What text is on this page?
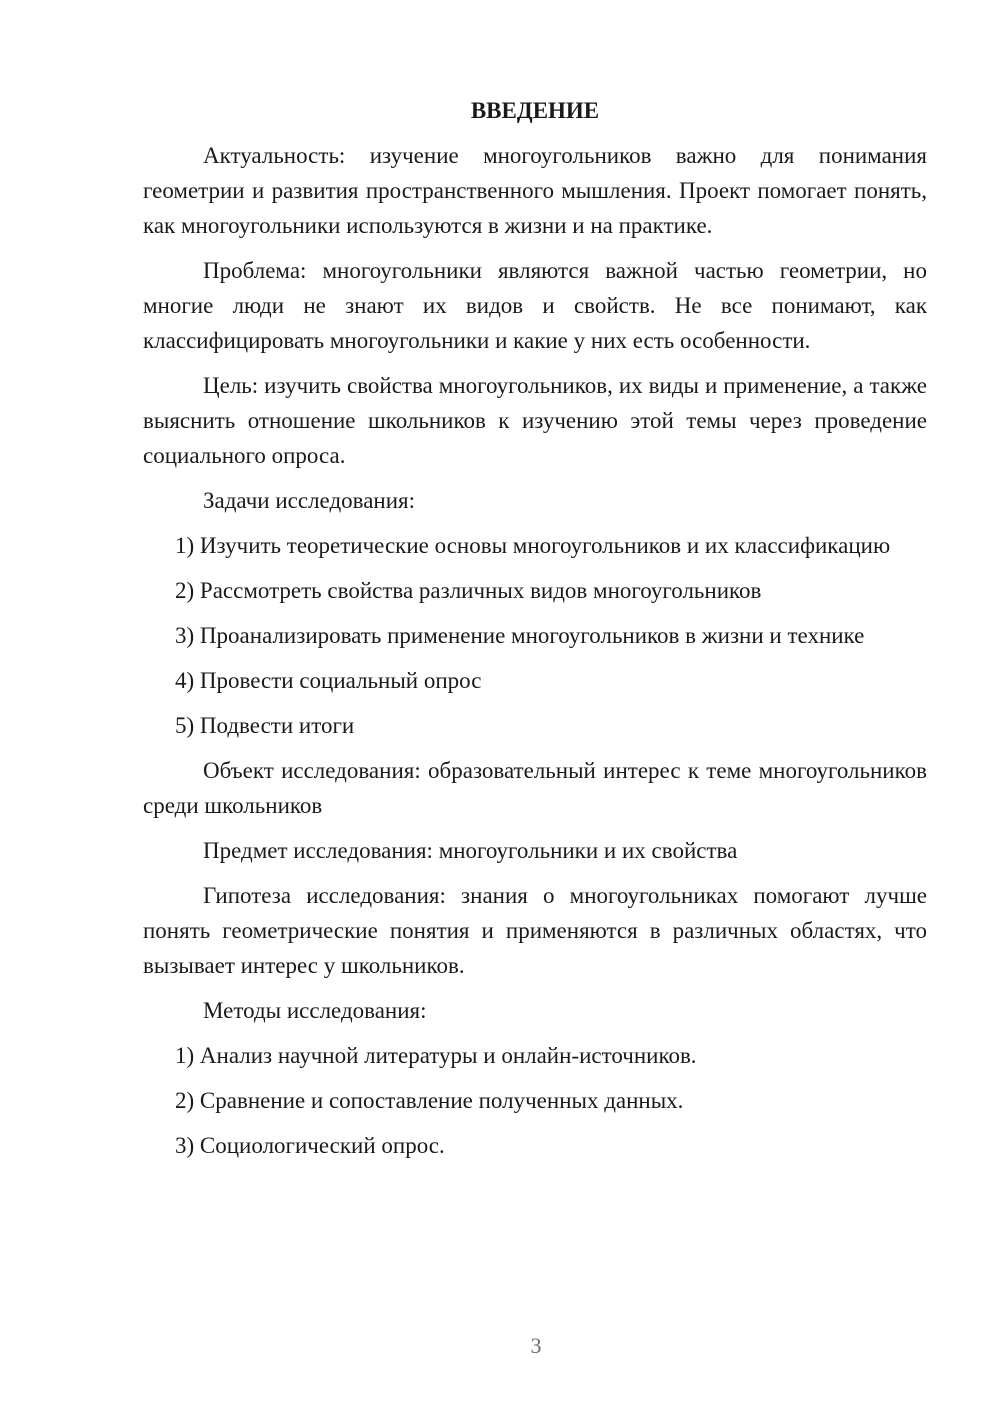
ВВЕДЕНИЕ

Актуальность: изучение многоугольников важно для понимания геометрии и развития пространственного мышления. Проект помогает понять, как многоугольники используются в жизни и на практике.

Проблема: многоугольники являются важной частью геометрии, но многие люди не знают их видов и свойств. Не все понимают, как классифицировать многоугольники и какие у них есть особенности.

Цель: изучить свойства многоугольников, их виды и применение, а также выяснить отношение школьников к изучению этой темы через проведение социального опроса.

Задачи исследования:

1) Изучить теоретические основы многоугольников и их классификацию

2) Рассмотреть свойства различных видов многоугольников

3) Проанализировать применение многоугольников в жизни и технике

4) Провести социальный опрос

5) Подвести итоги

Объект исследования: образовательный интерес к теме многоугольников среди школьников

Предмет исследования: многоугольники и их свойства

Гипотеза исследования: знания о многоугольниках помогают лучше понять геометрические понятия и применяются в различных областях, что вызывает интерес у школьников.

Методы исследования:

1) Анализ научной литературы и онлайн-источников.

2) Сравнение и сопоставление полученных данных.

3) Социологический опрос.

3
